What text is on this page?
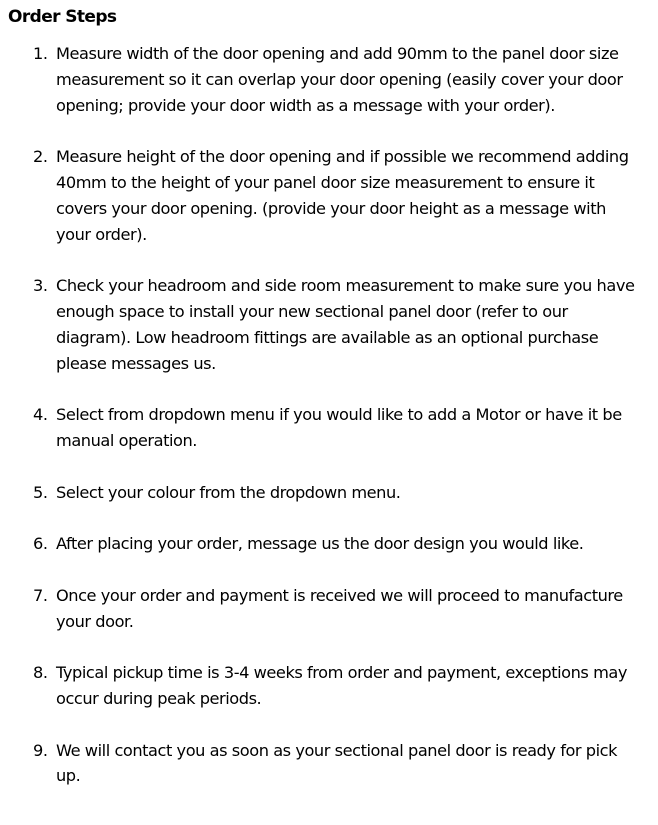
Order Steps
1. Measure width of the door opening and add 90mm to the panel door size measurement so it can overlap your door opening (easily cover your door opening; provide your door width as a message with your order).
2. Measure height of the door opening and if possible we recommend adding 40mm to the height of your panel door size measurement to ensure it covers your door opening. (provide your door height as a message with your order).
3. Check your headroom and side room measurement to make sure you have enough space to install your new sectional panel door (refer to our diagram). Low headroom fittings are available as an optional purchase please messages us.
4. Select from dropdown menu if you would like to add a Motor or have it be manual operation.
5. Select your colour from the dropdown menu.
6. After placing your order, message us the door design you would like.
7. Once your order and payment is received we will proceed to manufacture your door.
8. Typical pickup time is 3-4 weeks from order and payment, exceptions may occur during peak periods.
9. We will contact you as soon as your sectional panel door is ready for pick up.
